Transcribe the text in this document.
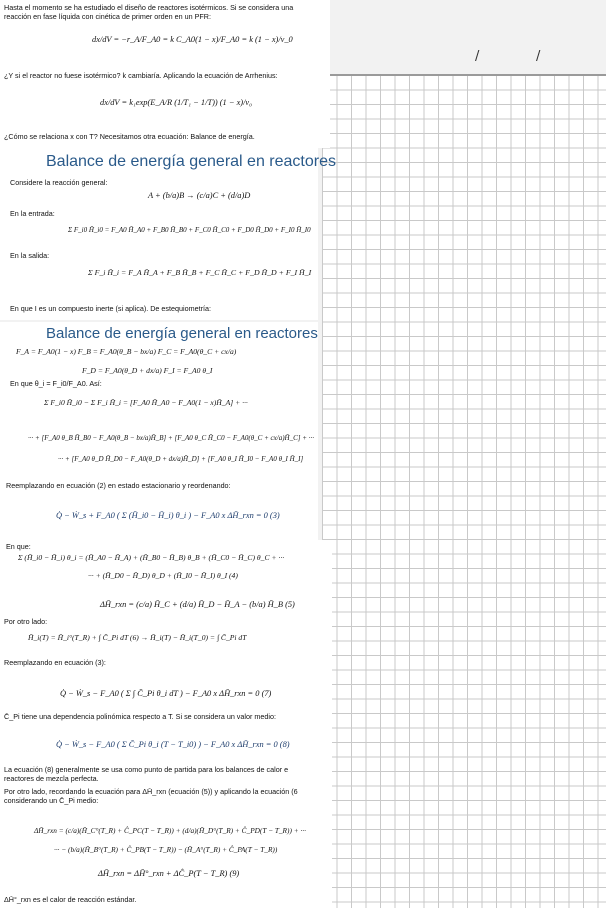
/	/
Hasta el momento se ha estudiado el diseño de reactores isotérmicos. Si se considera una
reacción en fase líquida con cinética de primer orden en un PFR:
dx/dV = −r_A/F_A0 = k C_A0(1 − x)/F_A0 = k (1 − x)/v_0
¿Y si el reactor no fuese isotérmico? k cambiaría. Aplicando la ecuación de Arrhenius:
dx/dV = k₁exp(E_A/R (1/T₁ − 1/T)) (1 − x)/v₀
¿Cómo se relaciona x con T? Necesitamos otra ecuación: Balance de energía.
Balance de energía general en reactores
Considere la reacción general:
A + (b/a)B → (c/a)C + (d/a)D
En la entrada:
Σ F_i0 H̄_i0 = F_A0 H̄_A0 + F_B0 H̄_B0 + F_C0 H̄_C0 + F_D0 H̄_D0 + F_I0 H̄_I0
En la salida:
Σ F_i H̄_i = F_A H̄_A + F_B H̄_B + F_C H̄_C + F_D H̄_D + F_I H̄_I
En que I es un compuesto inerte (si aplica). De estequiometría:
Balance de energía general en reactores
F_A = F_A0(1 − x) F_B = F_A0(θ_B − bx/a) F_C = F_A0(θ_C + cx/a)
F_D = F_A0(θ_D + dx/a) F_I = F_A0 θ_I
En que θ_i = F_i0/F_A0. Así:
Σ F_i0 H̄_i0 − Σ F_i H̄_i = [F_A0 H̄_A0 − F_A0(1 − x)H̄_A] + ···
··· + [F_A0 θ_B H̄_B0 − F_A0(θ_B − bx/a)H̄_B] + [F_A0 θ_C H̄_C0 − F_A0(θ_C + cx/a)H̄_C] + ···
··· + [F_A0 θ_D H̄_D0 − F_A0(θ_D + dx/a)H̄_D] + [F_A0 θ_I H̄_I0 − F_A0 θ_I H̄_I]
Reemplazando en ecuación (2) en estado estacionario y reordenando:
Q̇ − Ẇ_s + F_A0 ( Σ (H̄_i0 − H̄_i) θ_i ) − F_A0 x ΔH̄_rxn = 0 (3)
En que:
Σ (H̄_i0 − H̄_i) θ_i = (H̄_A0 − H̄_A) + (H̄_B0 − H̄_B) θ_B + (H̄_C0 − H̄_C) θ_C + ···
··· + (H̄_D0 − H̄_D) θ_D + (H̄_I0 − H̄_I) θ_I (4)
ΔH̄_rxn = (c/a) H̄_C + (d/a) H̄_D − H̄_A − (b/a) H̄_B (5)
Por otro lado:
H̄_i(T) = H̄_i°(T_R) + ∫ C̄_Pi dT (6) → H̄_i(T) − H̄_i(T_0) = ∫ C̄_Pi dT
Reemplazando en ecuación (3):
Q̇ − Ẇ_s − F_A0 ( Σ ∫ C̄_Pi θ_i dT ) − F_A0 x ΔH̄_rxn = 0 (7)
C̄_Pi tiene una dependencia polinómica respecto a T. Si se considera un valor medio:
Q̇ − Ẇ_s − F_A0 ( Σ C̄_Pi θ_i (T − T_i0) ) − F_A0 x ΔH̄_rxn = 0 (8)
La ecuación (8) generalmente se usa como punto de partida para los balances de calor e
reactores de mezcla perfecta.
Por otro lado, recordando la ecuación para ΔH̄_rxn (ecuación (5)) y aplicando la ecuación (6
considerando un C̄_Pi medio:
ΔH̄_rxn = (c/a)(H̄_C°(T_R) + Ĉ_PC(T − T_R)) + (d/a)(H̄_D°(T_R) + Ĉ_PD(T − T_R)) + ···
··· − (b/a)(H̄_B°(T_R) + Ĉ_PB(T − T_R)) − (H̄_A°(T_R) + Ĉ_PA(T − T_R))
ΔH̄_rxn = ΔH̄°_rxn + ΔĈ_P(T − T_R) (9)
ΔH̄°_rxn es el calor de reacción estándar.
